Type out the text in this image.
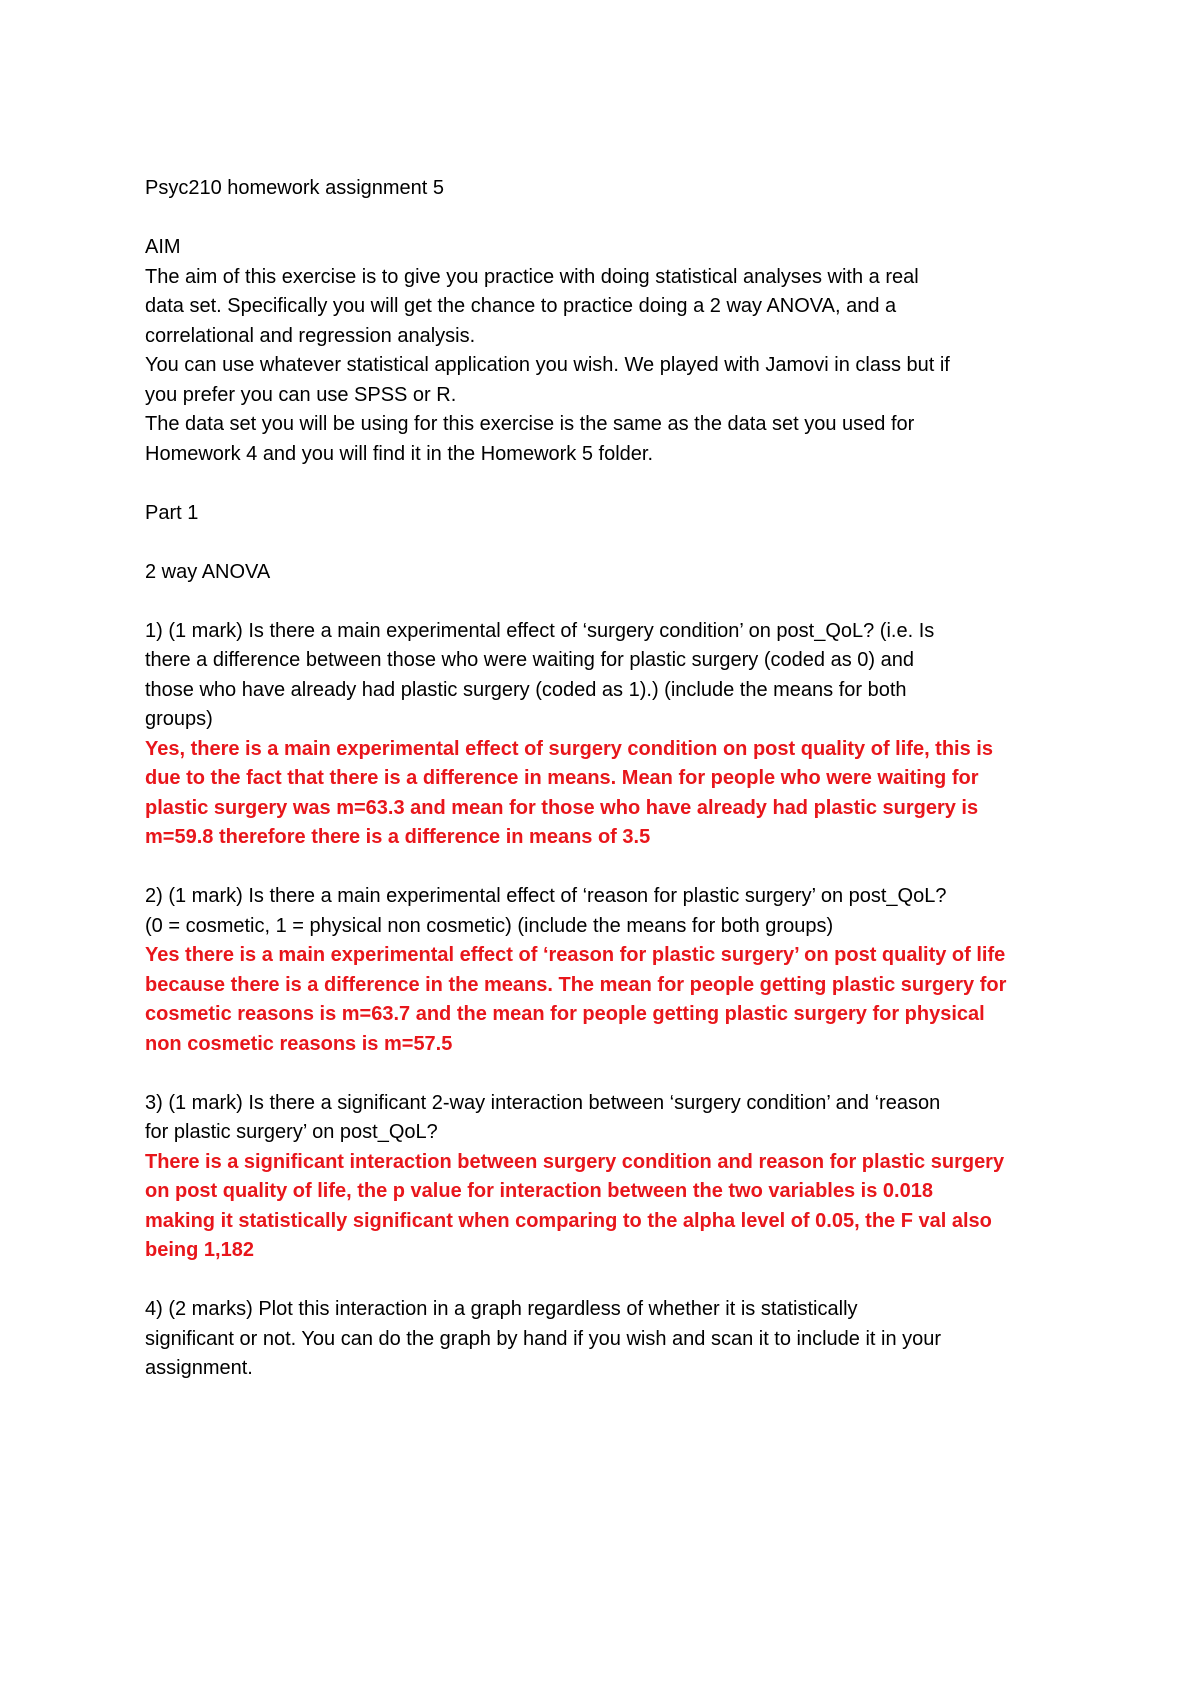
Psyc210 homework assignment 5

AIM

The aim of this exercise is to give you practice with doing statistical analyses with a real

data set. Specifically you will get the chance to practice doing a 2 way ANOVA, and a

correlational and regression analysis.

You can use whatever statistical application you wish. We played with Jamovi in class but if

you prefer you can use SPSS or R.

The data set you will be using for this exercise is the same as the data set you used for

Homework 4 and you will find it in the Homework 5 folder.

Part 1

2 way ANOVA

1) (1 mark) Is there a main experimental effect of ‘surgery condition’ on post_QoL? (i.e. Is

there a difference between those who were waiting for plastic surgery (coded as 0) and

those who have already had plastic surgery (coded as 1).) (include the means for both

groups)

Yes, there is a main experimental effect of surgery condition on post quality of life, this is

due to the fact that there is a difference in means. Mean for people who were waiting for

plastic surgery was m=63.3 and mean for those who have already had plastic surgery is

m=59.8 therefore there is a difference in means of 3.5

2) (1 mark) Is there a main experimental effect of ‘reason for plastic surgery’ on post_QoL?

(0 = cosmetic, 1 = physical non cosmetic) (include the means for both groups)

Yes there is a main experimental effect of ‘reason for plastic surgery’ on post quality of life

because there is a difference in the means. The mean for people getting plastic surgery for

cosmetic reasons is m=63.7 and the mean for people getting plastic surgery for physical

non cosmetic reasons is m=57.5

3) (1 mark) Is there a significant 2-way interaction between ‘surgery condition’ and ‘reason

for plastic surgery’ on post_QoL?

There is a significant interaction between surgery condition and reason for plastic surgery

on post quality of life, the p value for interaction between the two variables is 0.018

making it statistically significant when comparing to the alpha level of 0.05, the F val also

being 1,182

4) (2 marks) Plot this interaction in a graph regardless of whether it is statistically

significant or not. You can do the graph by hand if you wish and scan it to include it in your

assignment.
